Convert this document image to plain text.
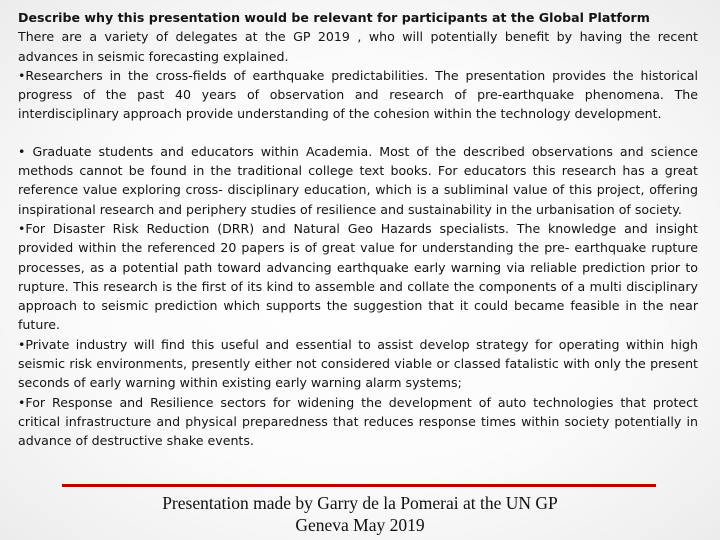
Describe why this presentation would be relevant for participants at the Global Platform

There are a variety of delegates at the GP 2019 , who will potentially benefit by having the recent advances in seismic forecasting explained.

•Researchers in the cross-fields of earthquake predictabilities. The presentation provides the historical progress of the past 40 years of observation and research of pre-earthquake phenomena. The interdisciplinary approach provide understanding of the cohesion within the technology development.

• Graduate students and educators within Academia. Most of the described observations and science methods cannot be found in the traditional college text books. For educators this research has a great reference value exploring cross- disciplinary education, which is a subliminal value of this project, offering inspirational research and periphery studies of resilience and sustainability in the urbanisation of society.

•For Disaster Risk Reduction (DRR) and Natural Geo Hazards specialists. The knowledge and insight provided within the referenced 20 papers is of great value for understanding the pre- earthquake rupture processes, as a potential path toward advancing earthquake early warning via reliable prediction prior to rupture. This research is the first of its kind to assemble and collate the components of a multi disciplinary approach to seismic prediction which supports the suggestion that it could became feasible in the near future.

•Private industry will find this useful and essential to assist develop strategy for operating within high seismic risk environments, presently either not considered viable or classed fatalistic with only the present seconds of early warning within existing early warning alarm systems;

•For Response and Resilience sectors for widening the development of auto technologies that protect critical infrastructure and physical preparedness that reduces response times within society potentially in advance of destructive shake events.

Presentation made by Garry de la Pomerai at the UN GP
Geneva May 2019
